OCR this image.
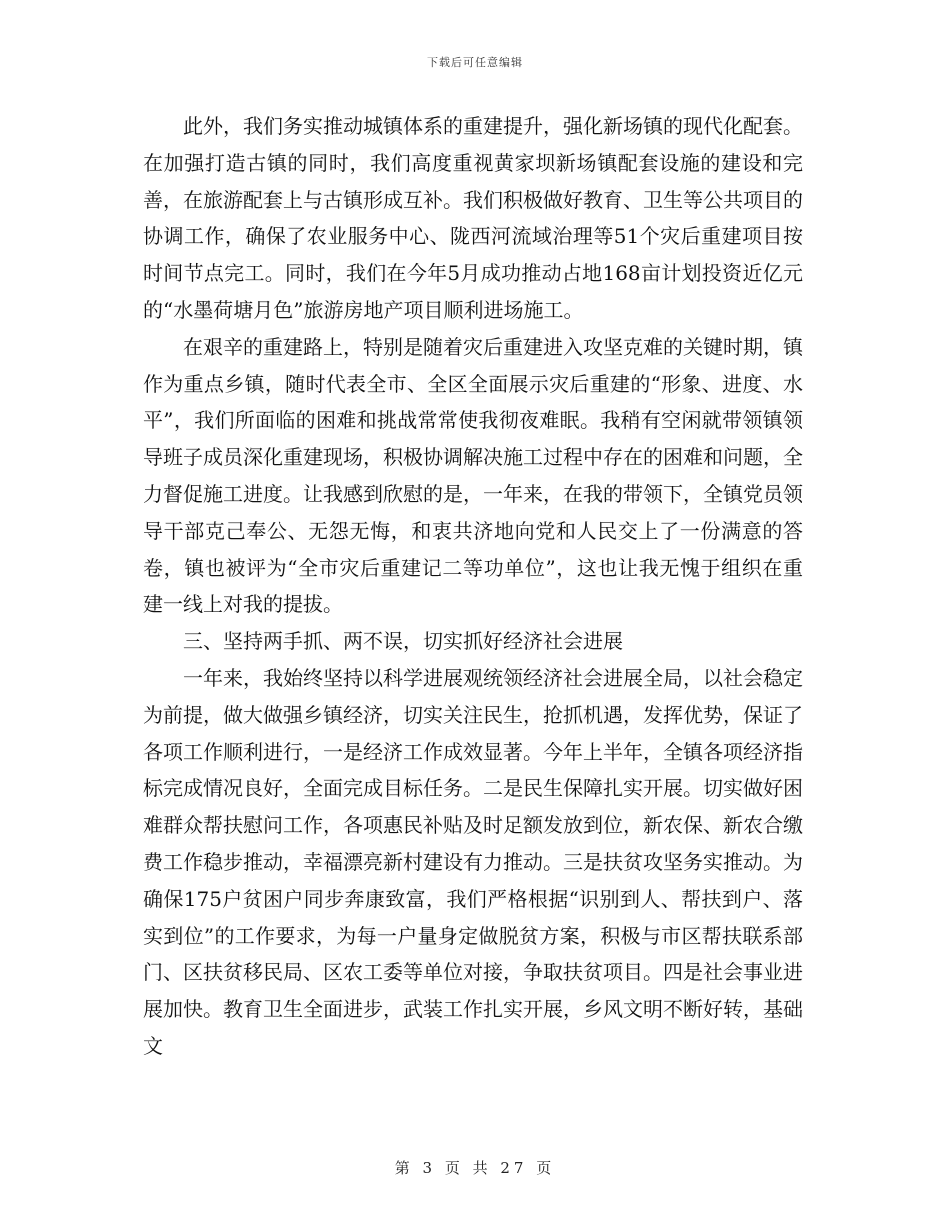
下载后可任意编辑

此外，我们务实推动城镇体系的重建提升，强化新场镇的现代化配套。在加强打造古镇的同时，我们高度重视黄家坝新场镇配套设施的建设和完善，在旅游配套上与古镇形成互补。我们积极做好教育、卫生等公共项目的协调工作，确保了农业服务中心、陇西河流域治理等51个灾后重建项目按时间节点完工。同时，我们在今年5月成功推动占地168亩计划投资近亿元的“水墨荷塘月色”旅游房地产项目顺利进场施工。

在艰辛的重建路上，特别是随着灾后重建进入攻坚克难的关键时期，镇作为重点乡镇，随时代表全市、全区全面展示灾后重建的“形象、进度、水平”，我们所面临的困难和挑战常常使我彻夜难眠。我稍有空闲就带领镇领导班子成员深化重建现场，积极协调解决施工过程中存在的困难和问题，全力督促施工进度。让我感到欣慰的是，一年来，在我的带领下，全镇党员领导干部克己奉公、无怨无悔，和衷共济地向党和人民交上了一份满意的答卷，镇也被评为“全市灾后重建记二等功单位”，这也让我无愧于组织在重建一线上对我的提拔。

三、坚持两手抓、两不误，切实抓好经济社会进展

一年来，我始终坚持以科学进展观统领经济社会进展全局，以社会稳定为前提，做大做强乡镇经济，切实关注民生，抢抓机遇，发挥优势，保证了各项工作顺利进行，一是经济工作成效显著。今年上半年，全镇各项经济指标完成情况良好，全面完成目标任务。二是民生保障扎实开展。切实做好困难群众帮扶慰问工作，各项惠民补贴及时足额发放到位，新农保、新农合缴费工作稳步推动，幸福漂亮新村建设有力推动。三是扶贫攻坚务实推动。为确保175户贫困户同步奔康致富，我们严格根据“识别到人、帮扶到户、落实到位”的工作要求，为每一户量身定做脱贫方案，积极与市区帮扶联系部门、区扶贫移民局、区农工委等单位对接，争取扶贫项目。四是社会事业进展加快。教育卫生全面进步，武装工作扎实开展，乡风文明不断好转，基础文

第 3 页 共 27 页
